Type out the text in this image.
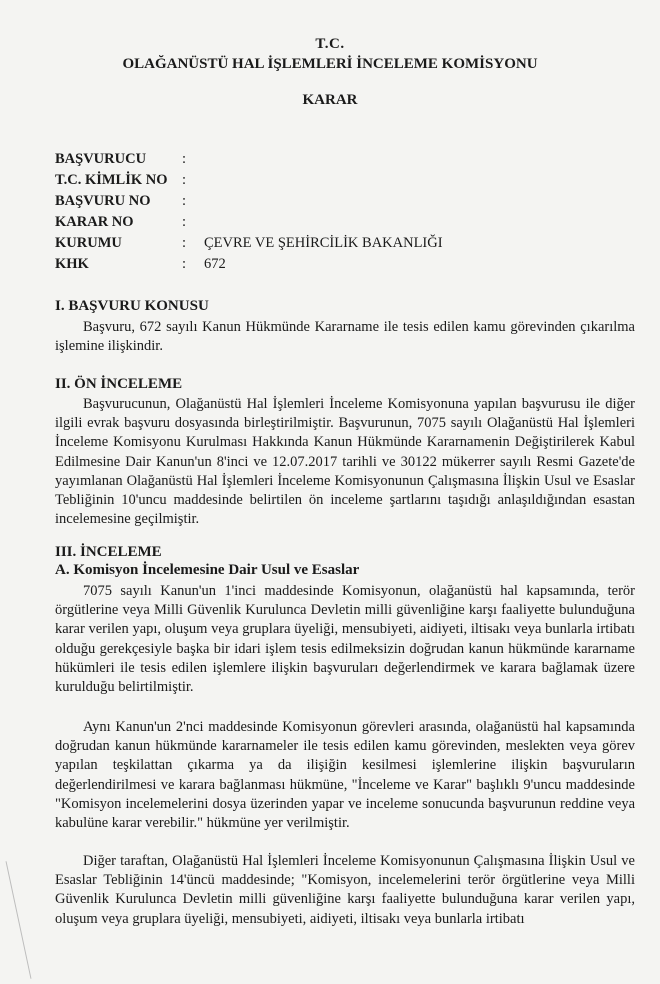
T.C.
OLAĞANÜSTÜ HAL İŞLEMLERİ İNCELEME KOMİSYONU
KARAR
BAŞVURUCU	:
T.C. KİMLİK NO :
BAŞVURU NO	:
KARAR NO	:
KURUMU	:	ÇEVRE VE ŞEHİRCİLİK BAKANLIĞI
KHK	:	672
I. BAŞVURU KONUSU
Başvuru, 672 sayılı Kanun Hükmünde Kararname ile tesis edilen kamu görevinden çıkarılma işlemine ilişkindir.
II. ÖN İNCELEME
Başvurucunun, Olağanüstü Hal İşlemleri İnceleme Komisyonuna yapılan başvurusu ile diğer ilgili evrak başvuru dosyasında birleştirilmiştir. Başvurunun, 7075 sayılı Olağanüstü Hal İşlemleri İnceleme Komisyonu Kurulması Hakkında Kanun Hükmünde Kararnamenin Değiştirilerek Kabul Edilmesine Dair Kanun'un 8'inci ve 12.07.2017 tarihli ve 30122 mükerrer sayılı Resmi Gazete'de yayımlanan Olağanüstü Hal İşlemleri İnceleme Komisyonunun Çalışmasına İlişkin Usul ve Esaslar Tebliğinin 10'uncu maddesinde belirtilen ön inceleme şartlarını taşıdığı anlaşıldığından esastan incelemesine geçilmiştir.
III. İNCELEME
A. Komisyon İncelemesine Dair Usul ve Esaslar
7075 sayılı Kanun'un 1'inci maddesinde Komisyonun, olağanüstü hal kapsamında, terör örgütlerine veya Milli Güvenlik Kurulunca Devletin milli güvenliğine karşı faaliyette bulunduğuna karar verilen yapı, oluşum veya gruplara üyeliği, mensubiyeti, aidiyeti, iltisakı veya bunlarla irtibatı olduğu gerekçesiyle başka bir idari işlem tesis edilmeksizin doğrudan kanun hükmünde kararname hükümleri ile tesis edilen işlemlere ilişkin başvuruları değerlendirmek ve karara bağlamak üzere kurulduğu belirtilmiştir.
Aynı Kanun'un 2'nci maddesinde Komisyonun görevleri arasında, olağanüstü hal kapsamında doğrudan kanun hükmünde kararnameler ile tesis edilen kamu görevinden, meslekten veya görev yapılan teşkilattan çıkarma ya da ilişiğin kesilmesi işlemlerine ilişkin başvuruların değerlendirilmesi ve karara bağlanması hükmüne, "İnceleme ve Karar" başlıklı 9'uncu maddesinde "Komisyon incelemelerini dosya üzerinden yapar ve inceleme sonucunda başvurunun reddine veya kabulüne karar verebilir." hükmüne yer verilmiştir.
Diğer taraftan, Olağanüstü Hal İşlemleri İnceleme Komisyonunun Çalışmasına İlişkin Usul ve Esaslar Tebliğinin 14'üncü maddesinde; "Komisyon, incelemelerini terör örgütlerine veya Milli Güvenlik Kurulunca Devletin milli güvenliğine karşı faaliyette bulunduğuna karar verilen yapı, oluşum veya gruplara üyeliği, mensubiyeti, aidiyeti, iltisakı veya bunlarla irtibatı
